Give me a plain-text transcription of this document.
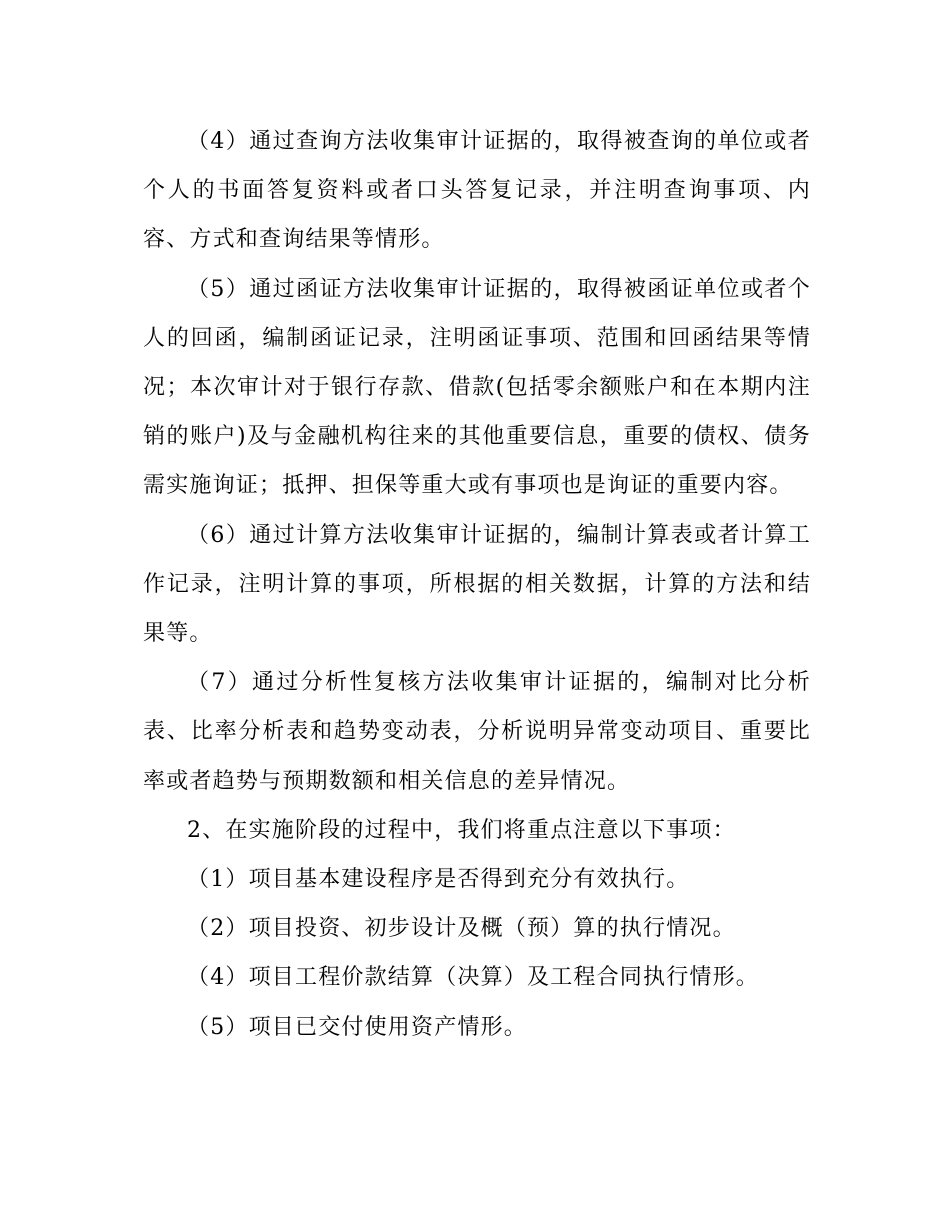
（4）通过查询方法收集审计证据的，取得被查询的单位或者个人的书面答复资料或者口头答复记录，并注明查询事项、内容、方式和查询结果等情形。

（5）通过函证方法收集审计证据的，取得被函证单位或者个人的回函，编制函证记录，注明函证事项、范围和回函结果等情况；本次审计对于银行存款、借款(包括零余额账户和在本期内注销的账户)及与金融机构往来的其他重要信息，重要的债权、债务需实施询证；抵押、担保等重大或有事项也是询证的重要内容。

（6）通过计算方法收集审计证据的，编制计算表或者计算工作记录，注明计算的事项，所根据的相关数据，计算的方法和结果等。

（7）通过分析性复核方法收集审计证据的，编制对比分析表、比率分析表和趋势变动表，分析说明异常变动项目、重要比率或者趋势与预期数额和相关信息的差异情况。

2、在实施阶段的过程中，我们将重点注意以下事项：

（1）项目基本建设程序是否得到充分有效执行。

（2）项目投资、初步设计及概（预）算的执行情况。

（4）项目工程价款结算（决算）及工程合同执行情形。

（5）项目已交付使用资产情形。
